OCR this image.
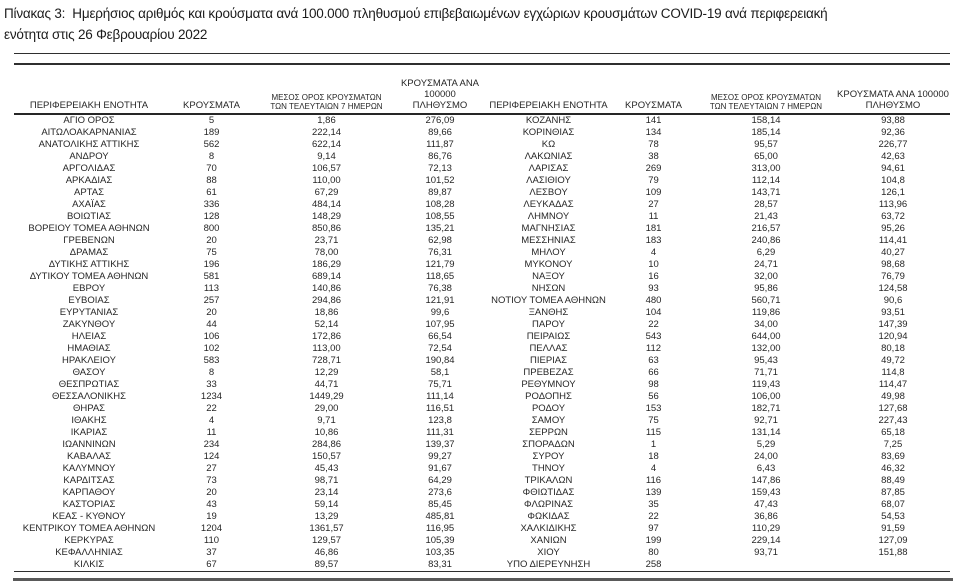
Πίνακας 3:  Ημερήσιος αριθμός και κρούσματα ανά 100.000 πληθυσμού επιβεβαιωμένων εγχώριων κρουσμάτων COVID-19 ανά περιφερειακή
ενότητα στις 26 Φεβρουαρίου 2022
ΠΕΡΙΦΕΡΕΙΑΚΗ ΕΝΟΤΗΤΑ	ΚΡΟΥΣΜΑΤΑ	ΜΕΣΟΣ ΟΡΟΣ ΚΡΟΥΣΜΑΤΩΝ
ΤΩΝ ΤΕΛΕΥΤΑΙΩΝ 7 ΗΜΕΡΩΝ	ΚΡΟΥΣΜΑΤΑ ΑΝΑ 100000
ΠΛΗΘΥΣΜΟ	ΠΕΡΙΦΕΡΕΙΑΚΗ ΕΝΟΤΗΤΑ	ΚΡΟΥΣΜΑΤΑ	ΜΕΣΟΣ ΟΡΟΣ ΚΡΟΥΣΜΑΤΩΝ
ΤΩΝ ΤΕΛΕΥΤΑΙΩΝ 7 ΗΜΕΡΩΝ	ΚΡΟΥΣΜΑΤΑ ΑΝΑ 100000
ΠΛΗΘΥΣΜΟ

ΑΓΙΟ ΟΡΟΣ	5	1,86	276,09	ΚΟΖΑΝΗΣ	141	158,14	93,88
ΑΙΤΩΛΟΑΚΑΡΝΑΝΙΑΣ	189	222,14	89,66	ΚΟΡΙΝΘΙΑΣ	134	185,14	92,36
ΑΝΑΤΟΛΙΚΗΣ ΑΤΤΙΚΗΣ	562	622,14	111,87	ΚΩ	78	95,57	226,77
ΑΝΔΡΟΥ	8	9,14	86,76	ΛΑΚΩΝΙΑΣ	38	65,00	42,63
ΑΡΓΟΛΙΔΑΣ	70	106,57	72,13	ΛΑΡΙΣΑΣ	269	313,00	94,61
ΑΡΚΑΔΙΑΣ	88	110,00	101,52	ΛΑΣΙΘΙΟΥ	79	112,14	104,8
ΑΡΤΑΣ	61	67,29	89,87	ΛΕΣΒΟΥ	109	143,71	126,1
ΑΧΑΪΑΣ	336	484,14	108,28	ΛΕΥΚΑΔΑΣ	27	28,57	113,96
ΒΟΙΩΤΙΑΣ	128	148,29	108,55	ΛΗΜΝΟΥ	11	21,43	63,72
ΒΟΡΕΙΟΥ ΤΟΜΕΑ ΑΘΗΝΩΝ	800	850,86	135,21	ΜΑΓΝΗΣΙΑΣ	181	216,57	95,26
ΓΡΕΒΕΝΩΝ	20	23,71	62,98	ΜΕΣΣΗΝΙΑΣ	183	240,86	114,41
ΔΡΑΜΑΣ	75	78,00	76,31	ΜΗΛΟΥ	4	6,29	40,27
ΔΥΤΙΚΗΣ ΑΤΤΙΚΗΣ	196	186,29	121,79	ΜΥΚΟΝΟΥ	10	24,71	98,68
ΔΥΤΙΚΟΥ ΤΟΜΕΑ ΑΘΗΝΩΝ	581	689,14	118,65	ΝΑΞΟΥ	16	32,00	76,79
ΕΒΡΟΥ	113	140,86	76,38	ΝΗΣΩΝ	93	95,86	124,58
ΕΥΒΟΙΑΣ	257	294,86	121,91	ΝΟΤΙΟΥ ΤΟΜΕΑ ΑΘΗΝΩΝ	480	560,71	90,6
ΕΥΡΥΤΑΝΙΑΣ	20	18,86	99,6	ΞΑΝΘΗΣ	104	119,86	93,51
ΖΑΚΥΝΘΟΥ	44	52,14	107,95	ΠΑΡΟΥ	22	34,00	147,39
ΗΛΕΙΑΣ	106	172,86	66,54	ΠΕΙΡΑΙΩΣ	543	644,00	120,94
ΗΜΑΘΙΑΣ	102	113,00	72,54	ΠΕΛΛΑΣ	112	132,00	80,18
ΗΡΑΚΛΕΙΟΥ	583	728,71	190,84	ΠΙΕΡΙΑΣ	63	95,43	49,72
ΘΑΣΟΥ	8	12,29	58,1	ΠΡΕΒΕΖΑΣ	66	71,71	114,8
ΘΕΣΠΡΩΤΙΑΣ	33	44,71	75,71	ΡΕΘΥΜΝΟΥ	98	119,43	114,47
ΘΕΣΣΑΛΟΝΙΚΗΣ	1234	1449,29	111,14	ΡΟΔΟΠΗΣ	56	106,00	49,98
ΘΗΡΑΣ	22	29,00	116,51	ΡΟΔΟΥ	153	182,71	127,68
ΙΘΑΚΗΣ	4	9,71	123,8	ΣΑΜΟΥ	75	92,71	227,43
ΙΚΑΡΙΑΣ	11	10,86	111,31	ΣΕΡΡΩΝ	115	131,14	65,18
ΙΩΑΝΝΙΝΩΝ	234	284,86	139,37	ΣΠΟΡΑΔΩΝ	1	5,29	7,25
ΚΑΒΑΛΑΣ	124	150,57	99,27	ΣΥΡΟΥ	18	24,00	83,69
ΚΑΛΥΜΝΟΥ	27	45,43	91,67	ΤΗΝΟΥ	4	6,43	46,32
ΚΑΡΔΙΤΣΑΣ	73	98,71	64,29	ΤΡΙΚΑΛΩΝ	116	147,86	88,49
ΚΑΡΠΑΘΟΥ	20	23,14	273,6	ΦΘΙΩΤΙΔΑΣ	139	159,43	87,85
ΚΑΣΤΟΡΙΑΣ	43	59,14	85,45	ΦΛΩΡΙΝΑΣ	35	47,43	68,07
ΚΕΑΣ - ΚΥΘΝΟΥ	19	13,29	485,81	ΦΩΚΙΔΑΣ	22	36,86	54,53
ΚΕΝΤΡΙΚΟΥ ΤΟΜΕΑ ΑΘΗΝΩΝ	1204	1361,57	116,95	ΧΑΛΚΙΔΙΚΗΣ	97	110,29	91,59
ΚΕΡΚΥΡΑΣ	110	129,57	105,39	ΧΑΝΙΩΝ	199	229,14	127,09
ΚΕΦΑΛΛΗΝΙΑΣ	37	46,86	103,35	ΧΙΟΥ	80	93,71	151,88
ΚΙΛΚΙΣ	67	89,57	83,31	ΥΠΟ ΔΙΕΡΕΥΝΗΣΗ	258		
